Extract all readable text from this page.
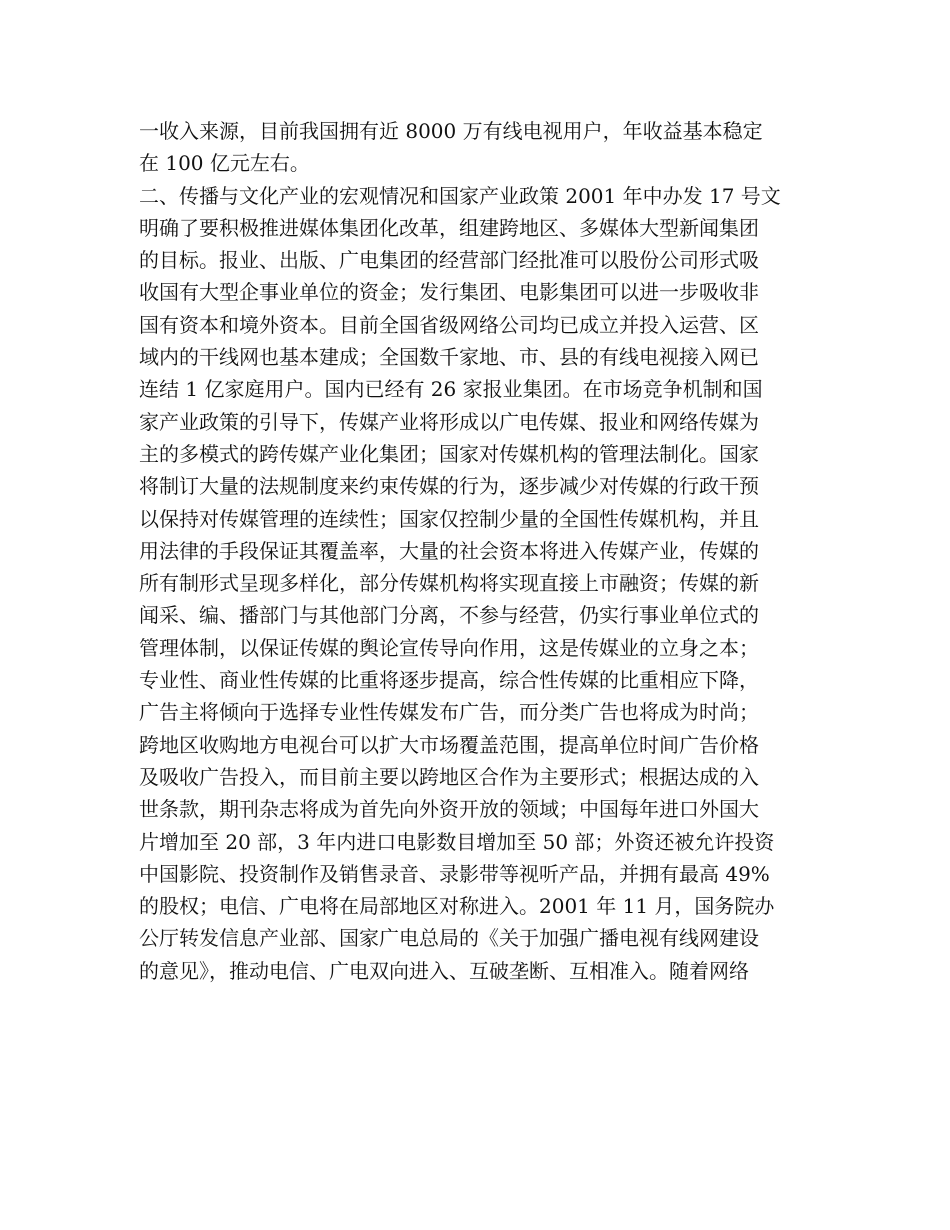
一收入来源，目前我国拥有近 8000 万有线电视用户，年收益基本稳定
在 100 亿元左右。
二、传播与文化产业的宏观情况和国家产业政策 2001 年中办发 17 号文
明确了要积极推进媒体集团化改革，组建跨地区、多媒体大型新闻集团
的目标。报业、出版、广电集团的经营部门经批准可以股份公司形式吸
收国有大型企事业单位的资金；发行集团、电影集团可以进一步吸收非
国有资本和境外资本。目前全国省级网络公司均已成立并投入运营、区
域内的干线网也基本建成；全国数千家地、市、县的有线电视接入网已
连结 1 亿家庭用户。国内已经有 26 家报业集团。在市场竞争机制和国
家产业政策的引导下，传媒产业将形成以广电传媒、报业和网络传媒为
主的多模式的跨传媒产业化集团；国家对传媒机构的管理法制化。国家
将制订大量的法规制度来约束传媒的行为，逐步减少对传媒的行政干预
以保持对传媒管理的连续性；国家仅控制少量的全国性传媒机构，并且
用法律的手段保证其覆盖率，大量的社会资本将进入传媒产业，传媒的
所有制形式呈现多样化，部分传媒机构将实现直接上市融资；传媒的新
闻采、编、播部门与其他部门分离，不参与经营，仍实行事业单位式的
管理体制，以保证传媒的舆论宣传导向作用，这是传媒业的立身之本；
专业性、商业性传媒的比重将逐步提高，综合性传媒的比重相应下降，
广告主将倾向于选择专业性传媒发布广告，而分类广告也将成为时尚；
跨地区收购地方电视台可以扩大市场覆盖范围，提高单位时间广告价格
及吸收广告投入，而目前主要以跨地区合作为主要形式；根据达成的入
世条款，期刊杂志将成为首先向外资开放的领域；中国每年进口外国大
片增加至 20 部，3 年内进口电影数目增加至 50 部；外资还被允许投资
中国影院、投资制作及销售录音、录影带等视听产品，并拥有最高 49%
的股权；电信、广电将在局部地区对称进入。2001 年 11 月，国务院办
公厅转发信息产业部、国家广电总局的《关于加强广播电视有线网建设
的意见》，推动电信、广电双向进入、互破垄断、互相准入。随着网络
